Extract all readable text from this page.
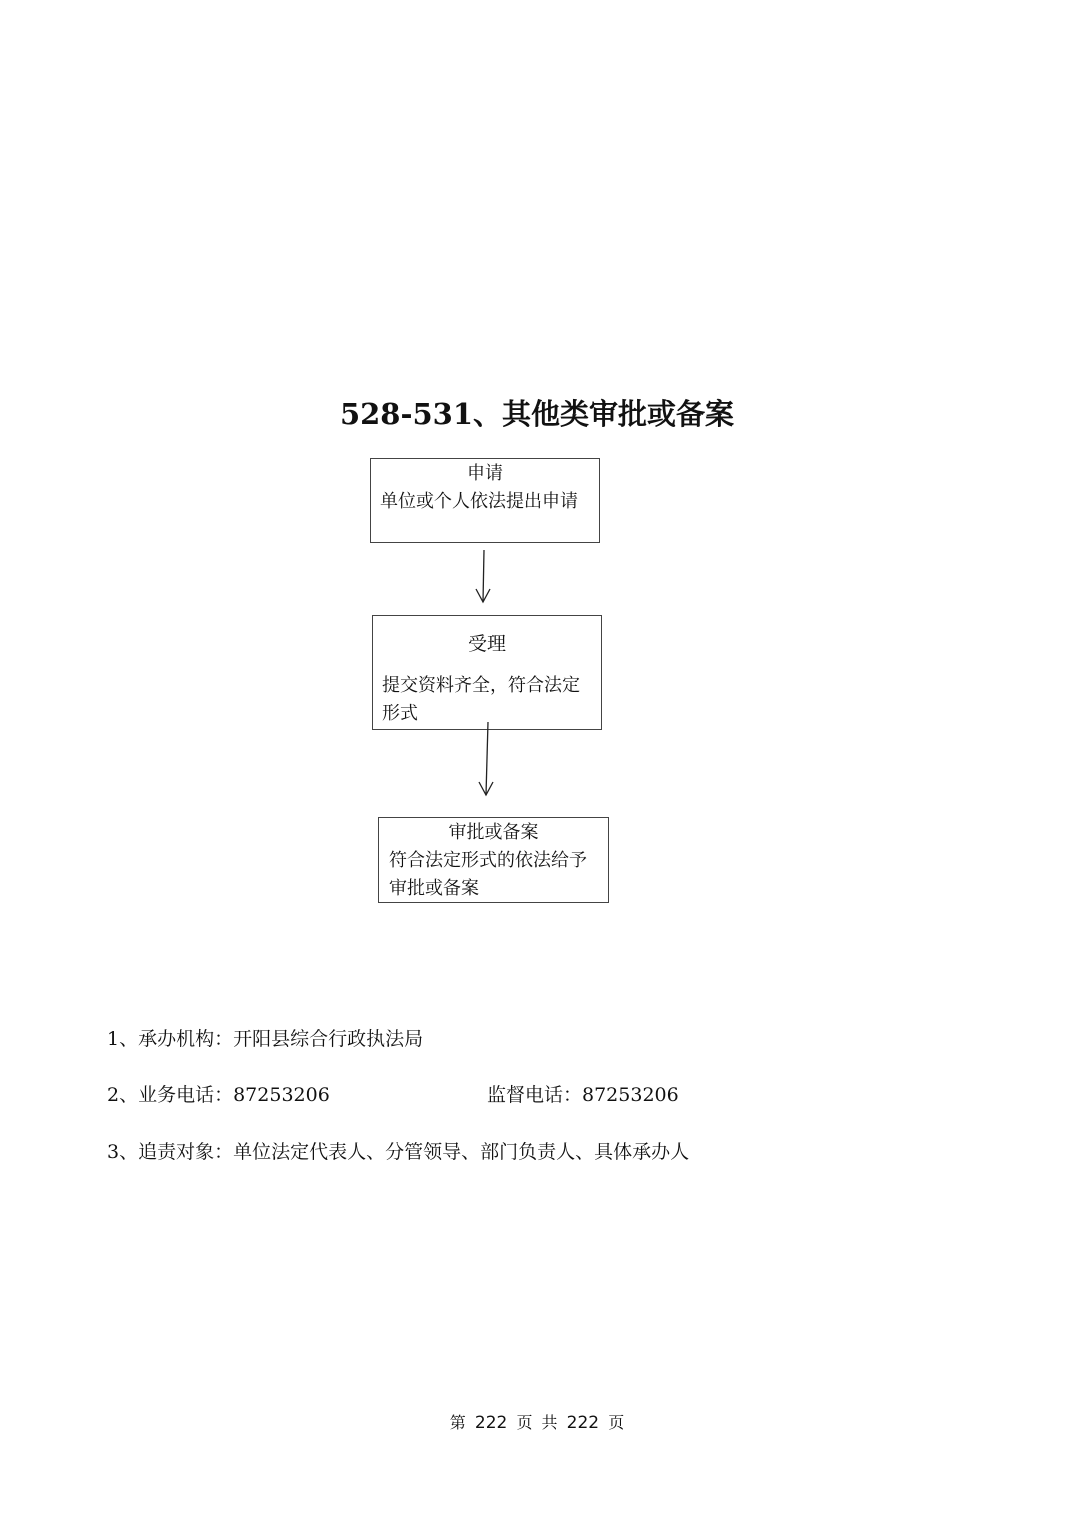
528-531、其他类审批或备案
申请
单位或个人依法提出申请
受理
提交资料齐全，符合法定形式
审批或备案
符合法定形式的依法给予审批或备案
1、承办机构：开阳县综合行政执法局
2、业务电话：87253206	监督电话：87253206
3、追责对象：单位法定代表人、分管领导、部门负责人、具体承办人
第 222 页 共 222 页
